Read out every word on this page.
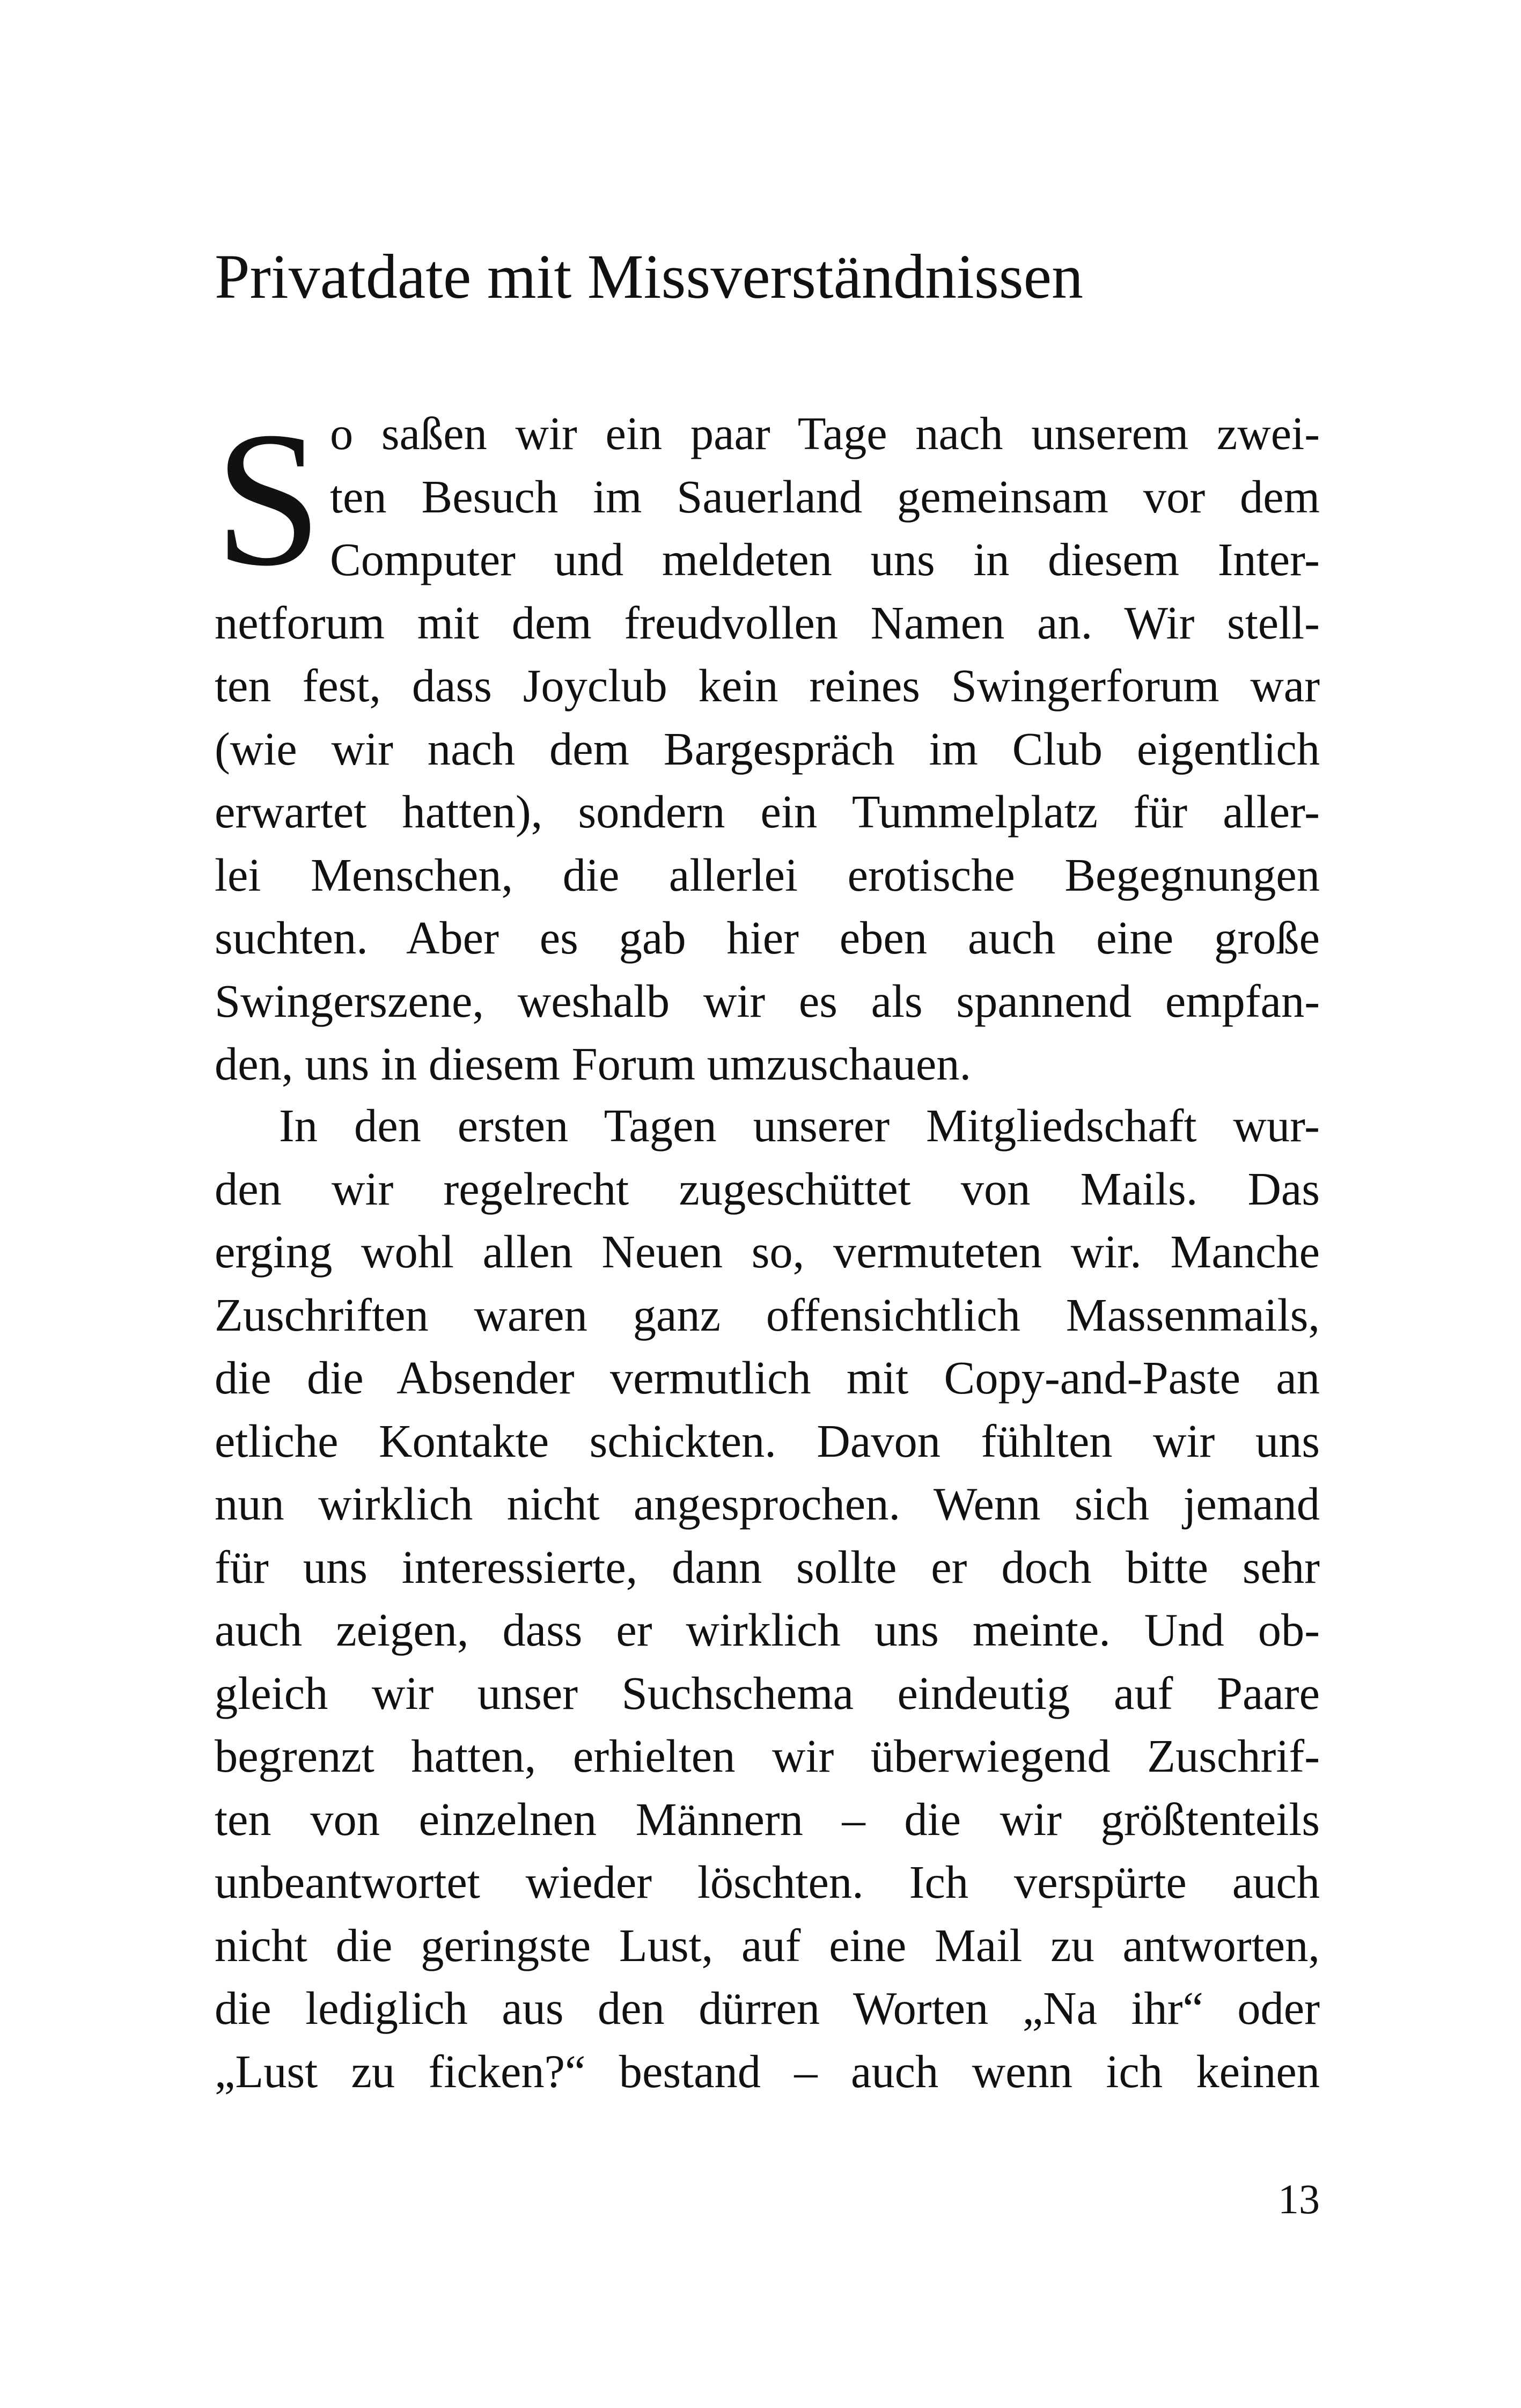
Privatdate mit Missverständnissen
S o saßen wir ein paar Tage nach unserem zwei-
ten Besuch im Sauerland gemeinsam vor dem
Computer und meldeten uns in diesem Inter-
netforum mit dem freudvollen Namen an. Wir stell-
ten fest, dass Joyclub kein reines Swingerforum war
(wie wir nach dem Bargespräch im Club eigentlich
erwartet hatten), sondern ein Tummelplatz für aller-
lei Menschen, die allerlei erotische Begegnungen
suchten. Aber es gab hier eben auch eine große
Swingerszene, weshalb wir es als spannend empfan-
den, uns in diesem Forum umzuschauen.
In den ersten Tagen unserer Mitgliedschaft wur-
den wir regelrecht zugeschüttet von Mails. Das
erging wohl allen Neuen so, vermuteten wir. Manche
Zuschriften waren ganz offensichtlich Massenmails,
die die Absender vermutlich mit Copy-and-Paste an
etliche Kontakte schickten. Davon fühlten wir uns
nun wirklich nicht angesprochen. Wenn sich jemand
für uns interessierte, dann sollte er doch bitte sehr
auch zeigen, dass er wirklich uns meinte. Und ob-
gleich wir unser Suchschema eindeutig auf Paare
begrenzt hatten, erhielten wir überwiegend Zuschrif-
ten von einzelnen Männern – die wir größtenteils
unbeantwortet wieder löschten. Ich verspürte auch
nicht die geringste Lust, auf eine Mail zu antworten,
die lediglich aus den dürren Worten „Na ihr“ oder
„Lust zu ficken?“ bestand – auch wenn ich keinen
13
